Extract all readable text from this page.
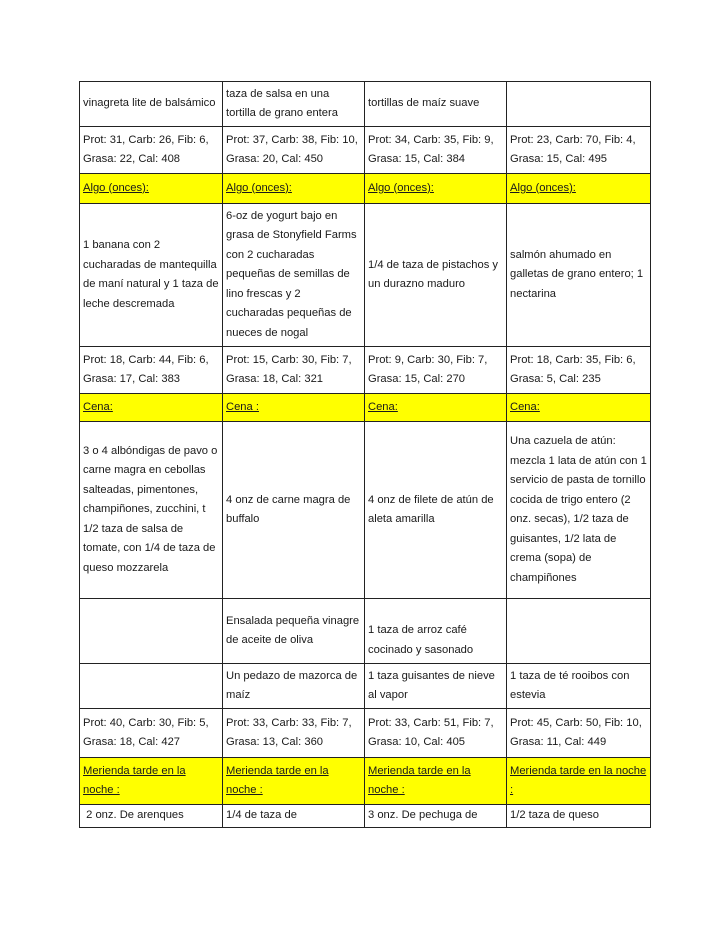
vinagreta lite de balsámico	taza de salsa en una tortilla de grano entera	tortillas de maíz suave	
Prot: 31, Carb: 26, Fib: 6, Grasa: 22, Cal: 408	Prot: 37, Carb: 38, Fib: 10, Grasa: 20, Cal: 450	Prot: 34, Carb: 35, Fib: 9, Grasa: 15, Cal: 384	Prot: 23, Carb: 70, Fib: 4, Grasa: 15, Cal: 495
Algo (onces):	Algo (onces):	Algo (onces):	Algo (onces):
1 banana con 2 cucharadas de mantequilla de maní natural y 1 taza de leche descremada	6-oz de yogurt bajo en grasa de Stonyfield Farms con 2 cucharadas pequeñas de semillas de lino frescas y 2 cucharadas pequeñas de nueces de nogal	1/4 de taza de pistachos y un durazno maduro	salmón ahumado en galletas de grano entero; 1 nectarina
Prot: 18, Carb: 44, Fib: 6, Grasa: 17, Cal: 383	Prot: 15, Carb: 30, Fib: 7, Grasa: 18, Cal: 321	Prot: 9, Carb: 30, Fib: 7, Grasa: 15, Cal: 270	Prot: 18, Carb: 35, Fib: 6, Grasa: 5, Cal: 235
Cena:	Cena :	Cena:	Cena:
3 o 4 albóndigas de pavo o carne magra en cebollas salteadas, pimentones, champiñones, zucchini, t 1/2 taza de salsa de tomate, con 1/4 de taza de queso mozzarela	4 onz de carne magra de buffalo	4 onz de filete de atún de aleta amarilla	Una cazuela de atún: mezcla 1 lata de atún con 1 servicio de pasta de tornillo cocida de trigo entero (2 onz. secas), 1/2 taza de guisantes, 1/2 lata de crema (sopa) de champiñones
	Ensalada pequeña vinagre de aceite de oliva	1 taza de arroz café cocinado y sasonado	
	Un pedazo de mazorca de maíz	1 taza guisantes de nieve al vapor	1 taza de té rooibos con estevia
Prot: 40, Carb: 30, Fib: 5, Grasa: 18, Cal: 427	Prot: 33, Carb: 33, Fib: 7, Grasa: 13, Cal: 360	Prot: 33, Carb: 51, Fib: 7, Grasa: 10, Cal: 405	Prot: 45, Carb: 50, Fib: 10, Grasa: 11, Cal: 449
Merienda tarde en la noche :	Merienda tarde en la noche :	Merienda tarde en la noche :	Merienda tarde en la noche :
2 onz. De arenques	1/4 de taza de	3 onz. De pechuga de	1/2 taza de queso
